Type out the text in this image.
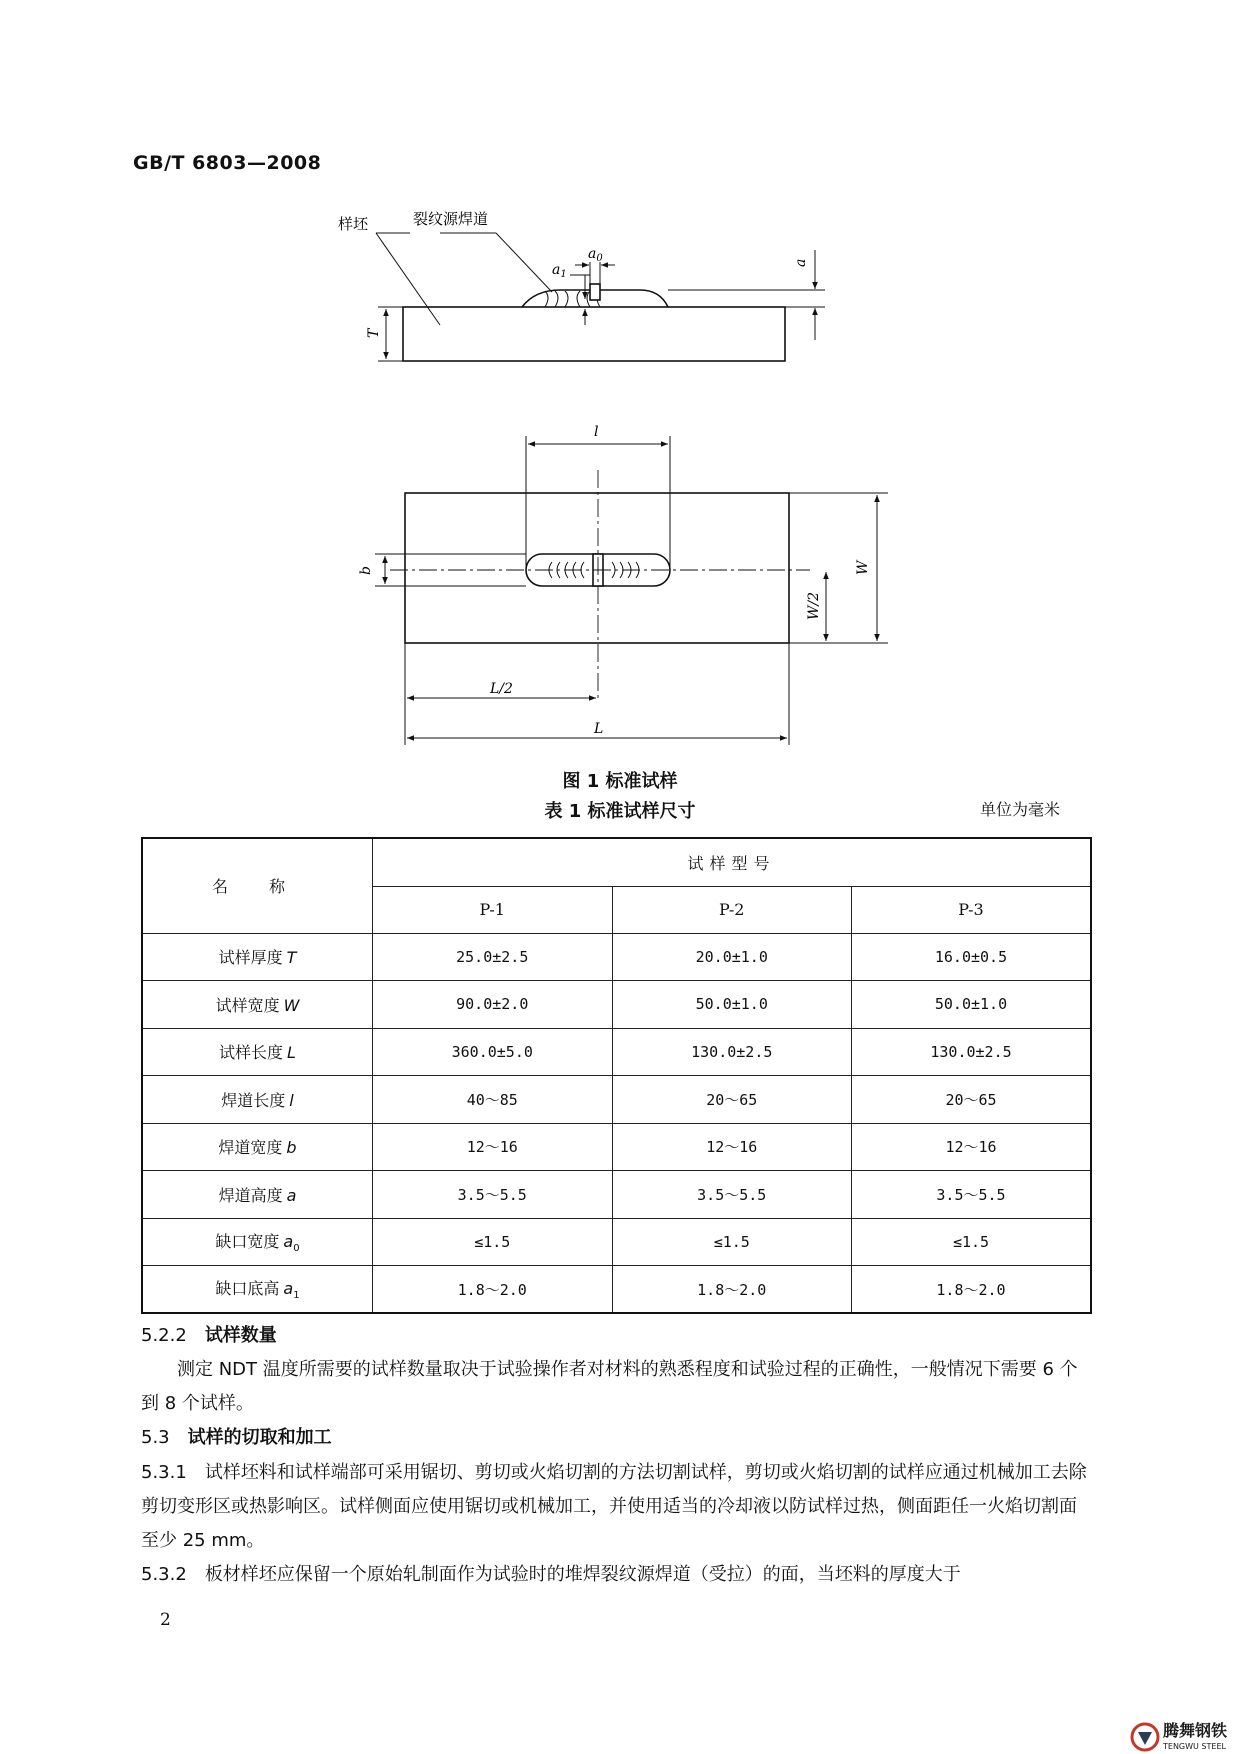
GB/T 6803—2008
样坯	裂纹源焊道
$a_0$
$a_1$
a
T
l
b	W
W/2
L/2
L
图 1 标准试样
表 1 标准试样尺寸	单位为毫米
名 称	试样型号		
	P-1	P-2	P-3
试样厚度 T	25.0±2.5	20.0±1.0	16.0±0.5
试样宽度 W	90.0±2.0	50.0±1.0	50.0±1.0
试样长度 L	360.0±5.0	130.0±2.5	130.0±2.5
焊道长度 l	40～85	20～65	20～65
焊道宽度 b	12～16	12～16	12～16
焊道高度 a	3.5～5.5	3.5～5.5	3.5～5.5
缺口宽度 $a_0$	≤1.5	≤1.5	≤1.5
缺口底高 $a_1$	1.8～2.0	1.8～2.0	1.8～2.0
5.2.2 试样数量
测定 NDT 温度所需要的试样数量取决于试验操作者对材料的熟悉程度和试验过程的正确性，一般情况下需要 6 个到 8 个试样。
5.3 试样的切取和加工
5.3.1 试样坯料和试样端部可采用锯切、剪切或火焰切割的方法切割试样，剪切或火焰切割的试样应通过机械加工去除剪切变形区或热影响区。试样侧面应使用锯切或机械加工，并使用适当的冷却液以防试样过热，侧面距任一火焰切割面至少 25 mm。
5.3.2 板材样坯应保留一个原始轧制面作为试验时的堆焊裂纹源焊道（受拉）的面，当坯料的厚度大于
2
腾舞钢铁
TENGWU STEEL
